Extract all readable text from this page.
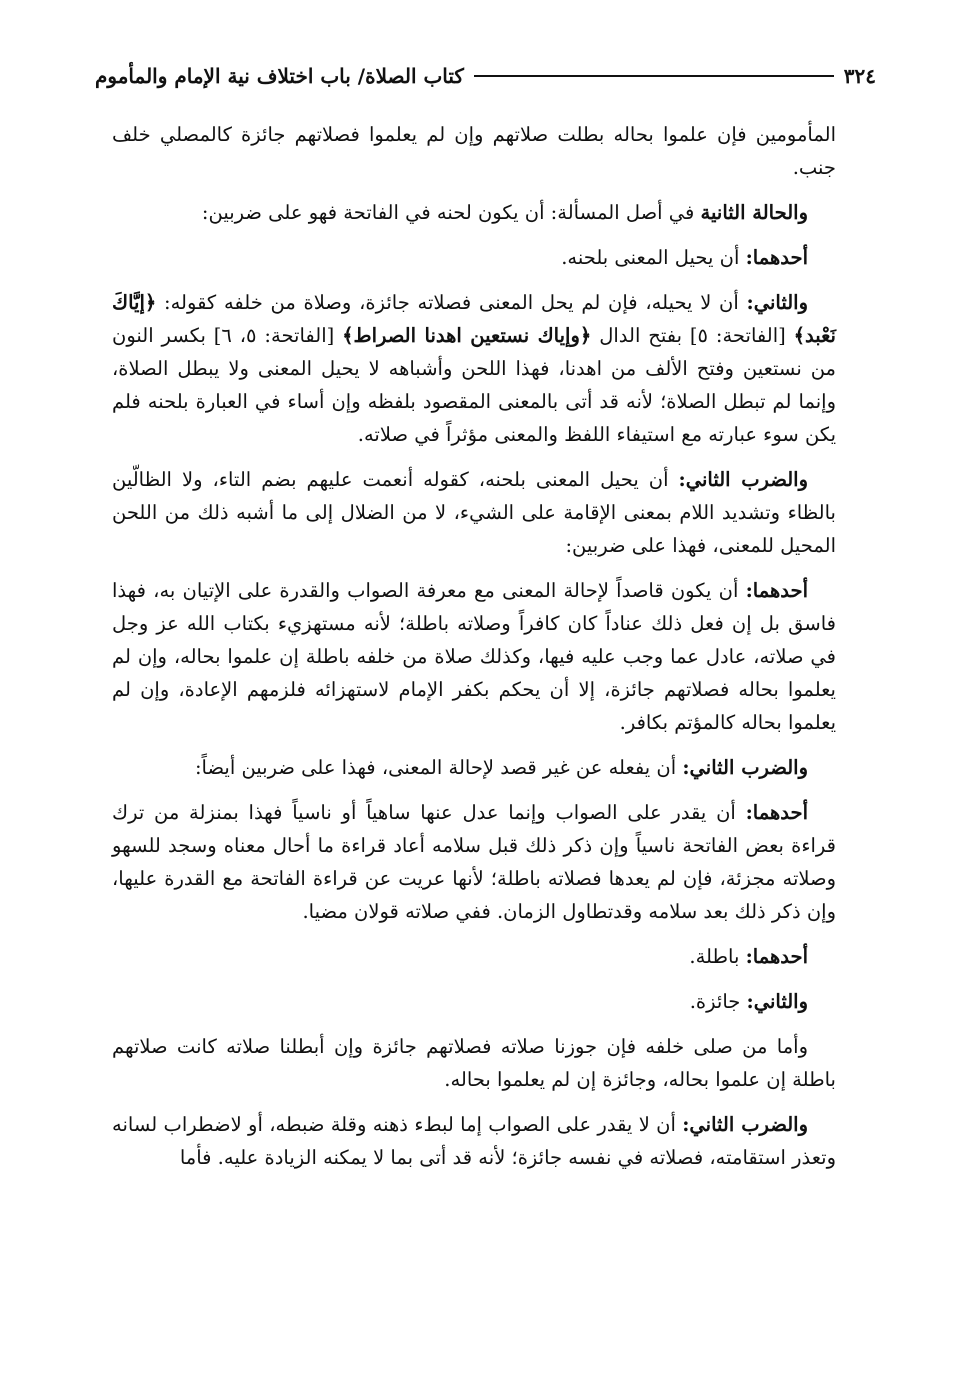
٣٢٤
كتاب الصلاة/ باب اختلاف نية الإمام والمأموم

المأمومين فإن علموا بحاله بطلت صلاتهم وإن لم يعلموا فصلاتهم جائزة كالمصلي خلف جنب.

والحالة الثانية في أصل المسألة: أن يكون لحنه في الفاتحة فهو على ضربين:

أحدهما: أن يحيل المعنى بلحنه.

والثاني: أن لا يحيله، فإن لم يحل المعنى فصلاته جائزة، وصلاة من خلفه كقوله: ﴿إيَّاكَ نَعْبد﴾ [الفاتحة: ٥] بفتح الدال ﴿وإياك نستعين اهدنا الصراط﴾ [الفاتحة: ٥، ٦] بكسر النون من نستعين وفتح الألف من اهدنا، فهذا اللحن وأشباهه لا يحيل المعنى ولا يبطل الصلاة، وإنما لم تبطل الصلاة؛ لأنه قد أتى بالمعنى المقصود بلفظه وإن أساء في العبارة بلحنه فلم يكن سوء عبارته مع استيفاء اللفظ والمعنى مؤثراً في صلاته.

والضرب الثاني: أن يحيل المعنى بلحنه، كقوله أنعمت عليهم بضم التاء، ولا الظالّين بالظاء وتشديد اللام بمعنى الإقامة على الشيء، لا من الضلال إلى ما أشبه ذلك من اللحن المحيل للمعنى، فهذا على ضربين:

أحدهما: أن يكون قاصداً لإحالة المعنى مع معرفة الصواب والقدرة على الإتيان به، فهذا فاسق بل إن فعل ذلك عناداً كان كافراً وصلاته باطلة؛ لأنه مستهزيء بكتاب الله عز وجل في صلاته، عادل عما وجب عليه فيها، وكذلك صلاة من خلفه باطلة إن علموا بحاله، وإن لم يعلموا بحاله فصلاتهم جائزة، إلا أن يحكم بكفر الإمام لاستهزائه فلزمهم الإعادة، وإن لم يعلموا بحاله كالمؤتم بكافر.

والضرب الثاني: أن يفعله عن غير قصد لإحالة المعنى، فهذا على ضربين أيضاً:

أحدهما: أن يقدر على الصواب وإنما عدل عنها ساهياً أو ناسياً فهذا بمنزلة من ترك قراءة بعض الفاتحة ناسياً وإن ذكر ذلك قبل سلامه أعاد قراءة ما أحال معناه وسجد للسهو وصلاته مجزئة، فإن لم يعدها فصلاته باطلة؛ لأنها عريت عن قراءة الفاتحة مع القدرة عليها، وإن ذكر ذلك بعد سلامه وقدتطاول الزمان. ففي صلاته قولان مضيا.

أحدهما: باطلة.

والثاني: جائزة.

وأما من صلى خلفه فإن جوزنا صلاته فصلاتهم جائزة وإن أبطلنا صلاته كانت صلاتهم باطلة إن علموا بحاله، وجائزة إن لم يعلموا بحاله.

والضرب الثاني: أن لا يقدر على الصواب إما لبطء ذهنه وقلة ضبطه، أو لاضطراب لسانه وتعذر استقامته، فصلاته في نفسه جائزة؛ لأنه قد أتى بما لا يمكنه الزيادة عليه. فأما
